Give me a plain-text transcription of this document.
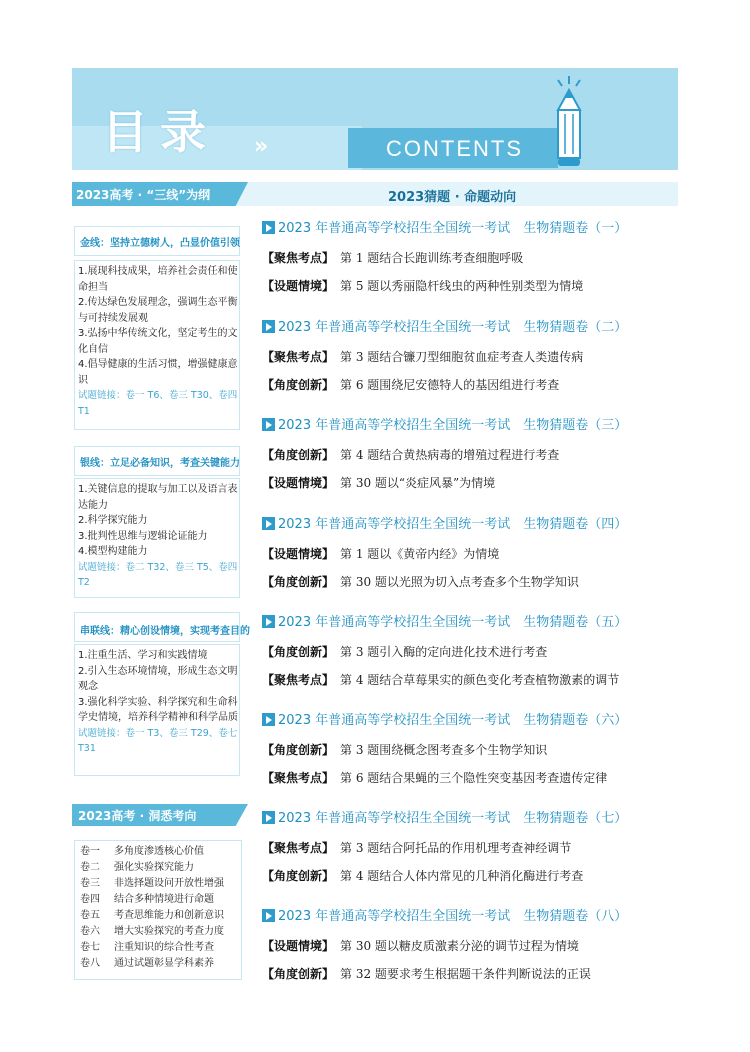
目录 ››	CONTENTS
2023高考 · “三线”为纲	2023猜题 · 命题动向
金线：坚持立德树人，凸显价值引领
1.展现科技成果，培养社会责任和使命担当
2.传达绿色发展理念，强调生态平衡与可持续发展观
3.弘扬中华传统文化，坚定考生的文化自信
4.倡导健康的生活习惯，增强健康意识
试题链接：卷一 T6、卷三 T30、卷四 T1
银线：立足必备知识，考查关键能力
1.关键信息的提取与加工以及语言表达能力
2.科学探究能力
3.批判性思维与逻辑论证能力
4.模型构建能力
试题链接：卷二 T32、卷三 T5、卷四 T2
串联线：精心创设情境，实现考查目的
1.注重生活、学习和实践情境
2.引入生态环境情境，形成生态文明观念
3.强化科学实验、科学探究和生命科学史情境，培养科学精神和科学品质
试题链接：卷一 T3、卷三 T29、卷七 T31
2023高考 · 洞悉考向
卷一 多角度渗透核心价值
卷二 强化实验探究能力
卷三 非选择题设问开放性增强
卷四 结合多种情境进行命题
卷五 考查思维能力和创新意识
卷六 增大实验探究的考查力度
卷七 注重知识的综合性考查
卷八 通过试题彰显学科素养
2023 年普通高等学校招生全国统一考试　生物猜题卷（一）
【聚焦考点】 第 1 题结合长跑训练考查细胞呼吸
【设题情境】 第 5 题以秀丽隐杆线虫的两种性别类型为情境
2023 年普通高等学校招生全国统一考试　生物猜题卷（二）
【聚焦考点】 第 3 题结合镰刀型细胞贫血症考查人类遗传病
【角度创新】 第 6 题围绕尼安德特人的基因组进行考查
2023 年普通高等学校招生全国统一考试　生物猜题卷（三）
【角度创新】 第 4 题结合黄热病毒的增殖过程进行考查
【设题情境】 第 30 题以“炎症风暴”为情境
2023 年普通高等学校招生全国统一考试　生物猜题卷（四）
【设题情境】 第 1 题以《黄帝内经》为情境
【角度创新】 第 30 题以光照为切入点考查多个生物学知识
2023 年普通高等学校招生全国统一考试　生物猜题卷（五）
【角度创新】 第 3 题引入酶的定向进化技术进行考查
【聚焦考点】 第 4 题结合草莓果实的颜色变化考查植物激素的调节
2023 年普通高等学校招生全国统一考试　生物猜题卷（六）
【角度创新】 第 3 题围绕概念图考查多个生物学知识
【聚焦考点】 第 6 题结合果蝇的三个隐性突变基因考查遗传定律
2023 年普通高等学校招生全国统一考试　生物猜题卷（七）
【聚焦考点】 第 3 题结合阿托品的作用机理考查神经调节
【角度创新】 第 4 题结合人体内常见的几种消化酶进行考查
2023 年普通高等学校招生全国统一考试　生物猜题卷（八）
【设题情境】 第 30 题以糖皮质激素分泌的调节过程为情境
【角度创新】 第 32 题要求考生根据题干条件判断说法的正误
